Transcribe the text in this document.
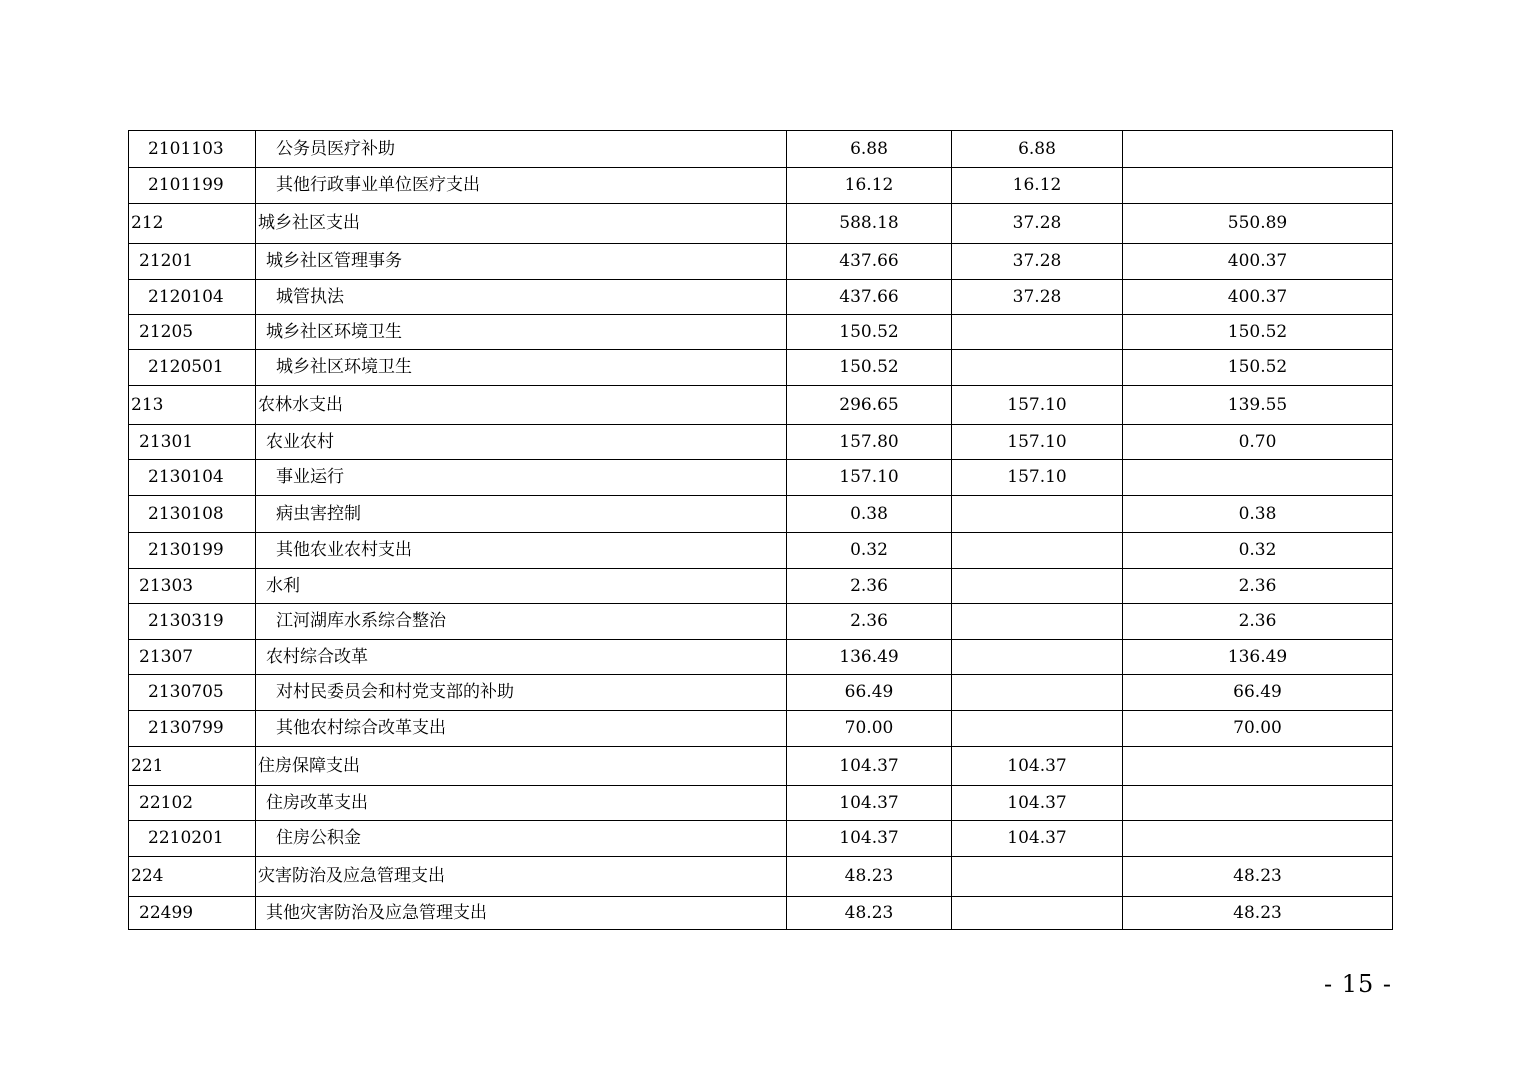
2101103	公务员医疗补助	6.88	6.88	
2101199	其他行政事业单位医疗支出	16.12	16.12	
212	城乡社区支出	588.18	37.28	550.89
21201	城乡社区管理事务	437.66	37.28	400.37
2120104	城管执法	437.66	37.28	400.37
21205	城乡社区环境卫生	150.52		150.52
2120501	城乡社区环境卫生	150.52		150.52
213	农林水支出	296.65	157.10	139.55
21301	农业农村	157.80	157.10	0.70
2130104	事业运行	157.10	157.10	
2130108	病虫害控制	0.38		0.38
2130199	其他农业农村支出	0.32		0.32
21303	水利	2.36		2.36
2130319	江河湖库水系综合整治	2.36		2.36
21307	农村综合改革	136.49		136.49
2130705	对村民委员会和村党支部的补助	66.49		66.49
2130799	其他农村综合改革支出	70.00		70.00
221	住房保障支出	104.37	104.37	
22102	住房改革支出	104.37	104.37	
2210201	住房公积金	104.37	104.37	
224	灾害防治及应急管理支出	48.23		48.23
22499	其他灾害防治及应急管理支出	48.23		48.23
- 15 -
